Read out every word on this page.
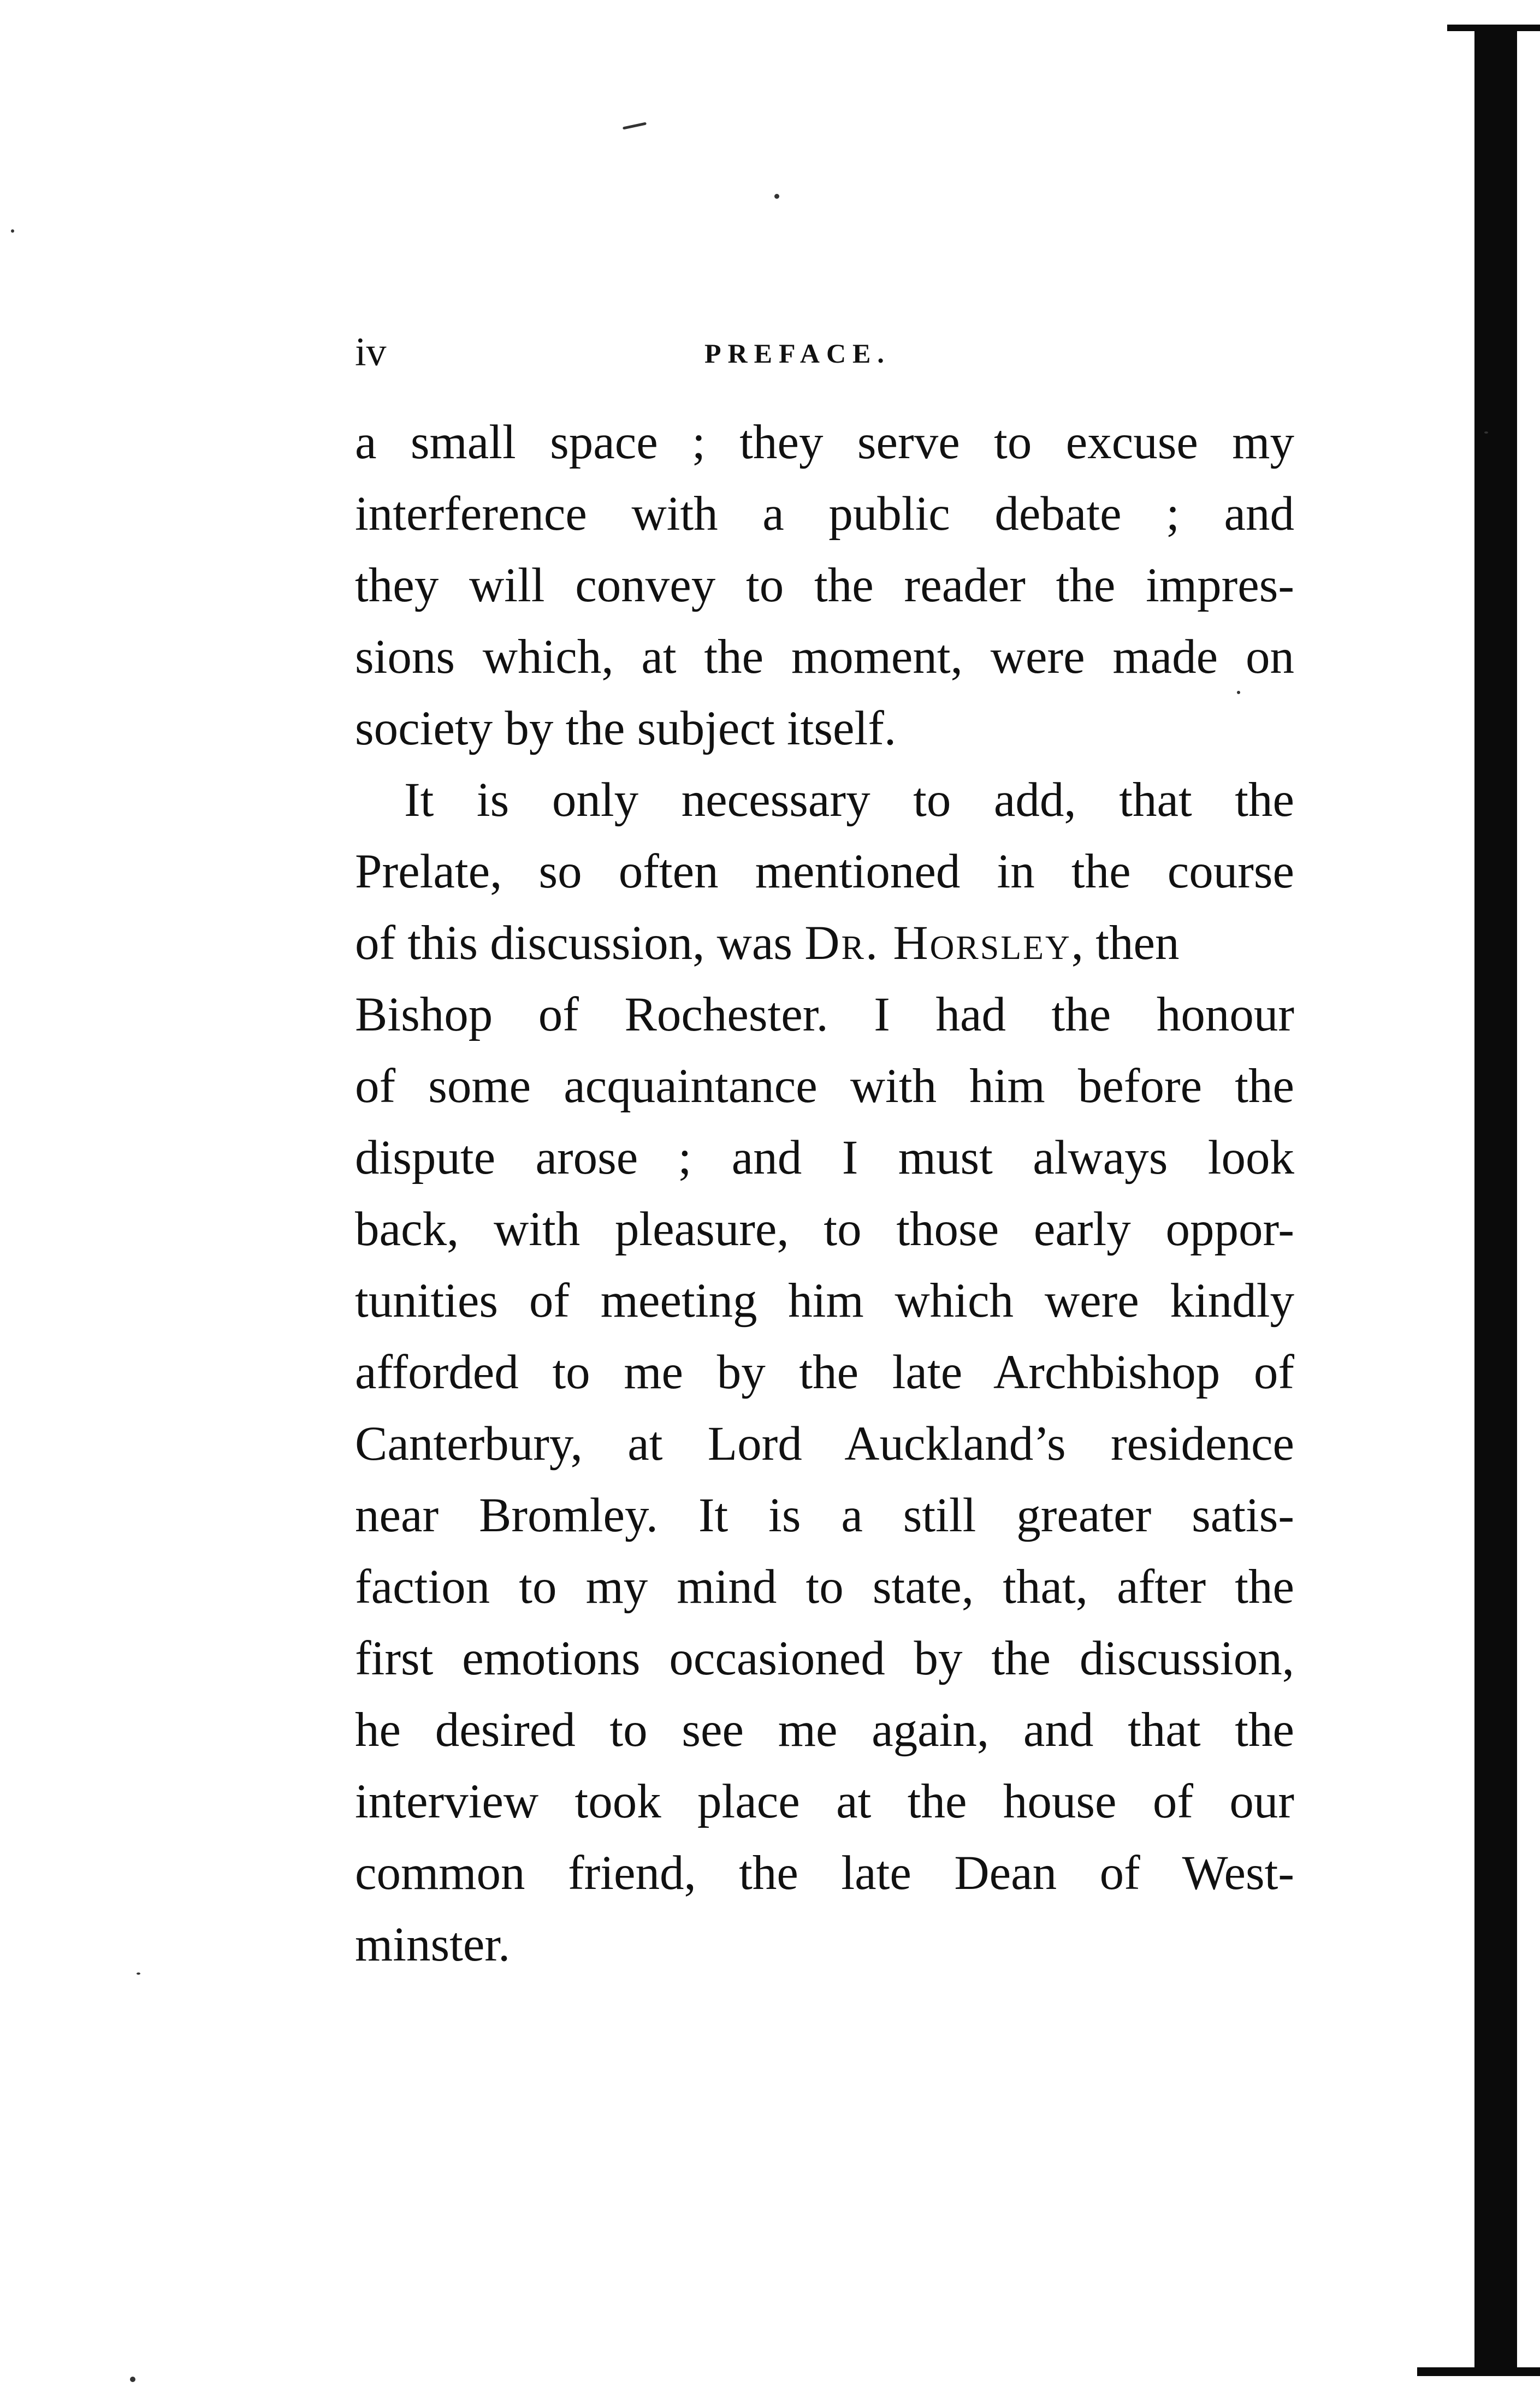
iv	PREFACE.
a small space ; they serve to excuse my
interference with a public debate ; and
they will convey to the reader the impres-
sions which, at the moment, were made on
society by the subject itself.
It is only necessary to add, that the
Prelate, so often mentioned in the course
of this discussion, was Dr. Horsley, then
Bishop of Rochester. I had the honour
of some acquaintance with him before the
dispute arose ; and I must always look
back, with pleasure, to those early oppor-
tunities of meeting him which were kindly
afforded to me by the late Archbishop of
Canterbury, at Lord Auckland’s residence
near Bromley. It is a still greater satis-
faction to my mind to state, that, after the
first emotions occasioned by the discussion,
he desired to see me again, and that the
interview took place at the house of our
common friend, the late Dean of West-
minster.
